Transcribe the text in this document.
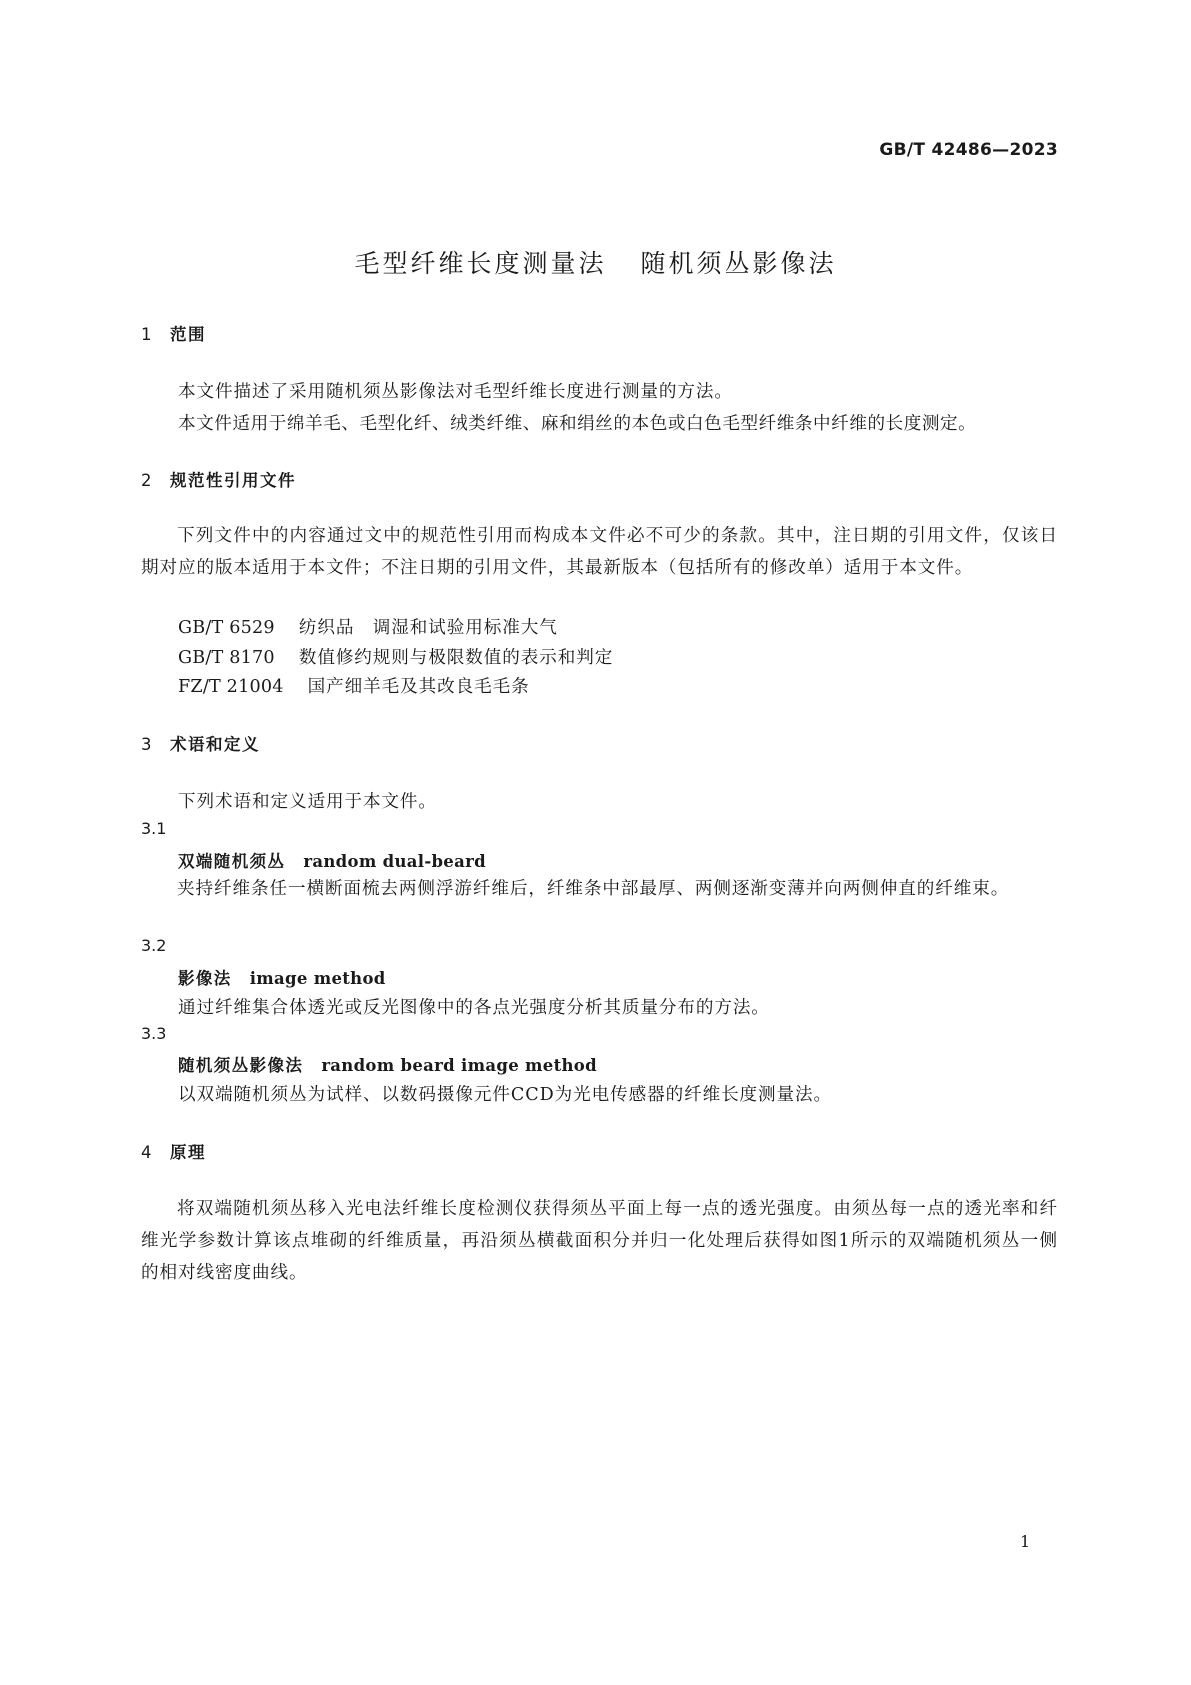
GB/T 42486—2023
毛型纤维长度测量法 随机须丛影像法
1 范围
本文件描述了采用随机须丛影像法对毛型纤维长度进行测量的方法。
本文件适用于绵羊毛、毛型化纤、绒类纤维、麻和绢丝的本色或白色毛型纤维条中纤维的长度测定。
2 规范性引用文件
下列文件中的内容通过文中的规范性引用而构成本文件必不可少的条款。其中，注日期的引用文件，仅该日期对应的版本适用于本文件；不注日期的引用文件，其最新版本（包括所有的修改单）适用于本文件。
GB/T 6529 纺织品　调湿和试验用标准大气
GB/T 8170 数值修约规则与极限数值的表示和判定
FZ/T 21004 国产细羊毛及其改良毛毛条
3 术语和定义
下列术语和定义适用于本文件。
3.1
双端随机须丛 random dual-beard
夹持纤维条任一横断面梳去两侧浮游纤维后，纤维条中部最厚、两侧逐渐变薄并向两侧伸直的纤维束。
3.2
影像法 image method
通过纤维集合体透光或反光图像中的各点光强度分析其质量分布的方法。
3.3
随机须丛影像法 random beard image method
以双端随机须丛为试样、以数码摄像元件CCD为光电传感器的纤维长度测量法。
4 原理
将双端随机须丛移入光电法纤维长度检测仪获得须丛平面上每一点的透光强度。由须丛每一点的透光率和纤维光学参数计算该点堆砌的纤维质量，再沿须丛横截面积分并归一化处理后获得如图1所示的双端随机须丛一侧的相对线密度曲线。
1
